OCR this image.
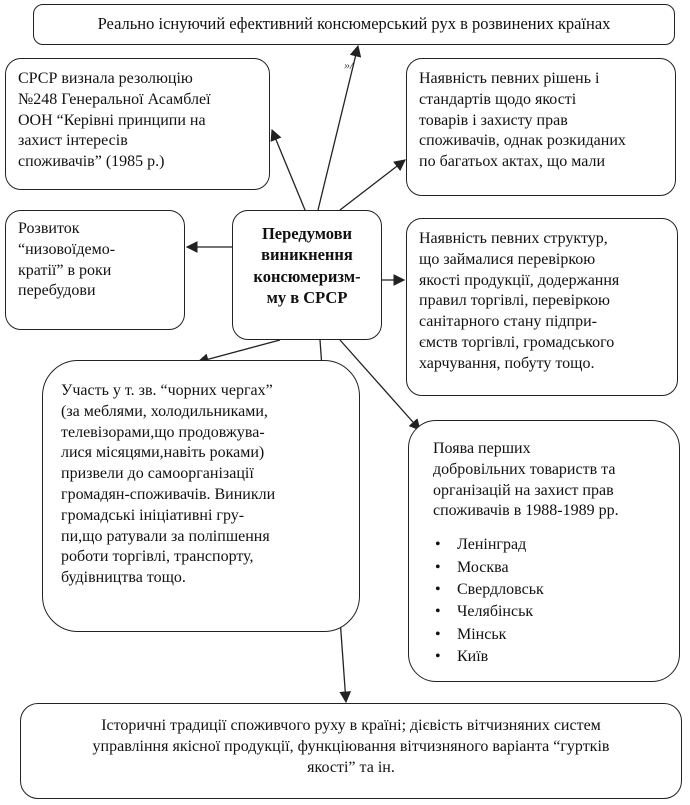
Реально існуючий ефективний консюмерський рух в розвинених країнах
»/
СРСР визнала резолюцію
№248 Генеральної Асамблеї
ООН “Керівні принципи на
захист інтересів
споживачів” (1985 р.)
Наявність певних рішень і
стандартів щодо якості
товарів і захисту прав
споживачів, однак розкиданих
по багатьох актах, що мали
Розвиток
“низовоїдемо-
кратії” в роки
перебудови
Передумови
виникнення
консюмеризм-
му в СРСР
Наявність певних структур,
що займалися перевіркою
якості продукції, додержання
правил торгівлі, перевіркою
санітарного стану підпри-
ємств торгівлі, громадського
харчування, побуту тощо.
Участь у т. зв. “чорних чергах”
(за меблями, холодильниками,
телевізорами,що продовжува-
лися місяцями,навіть роками)
призвели до самоорганізації
громадян-споживачів. Виникли
громадські ініціативні гру-
пи,що ратували за поліпшення
роботи торгівлі, транспорту,
будівництва тощо.
Поява перших
добровільних товариств та
організацій на захист прав
споживачів в 1988-1989 рр.
• Ленінград
• Москва
• Свердловськ
• Челябінськ
• Мінськ
• Київ
Історичні традиції споживчого руху в країні; дієвість вітчизняних систем
управління якісної продукції, функціювання вітчизняного варіанта “гуртків
якості” та ін.
